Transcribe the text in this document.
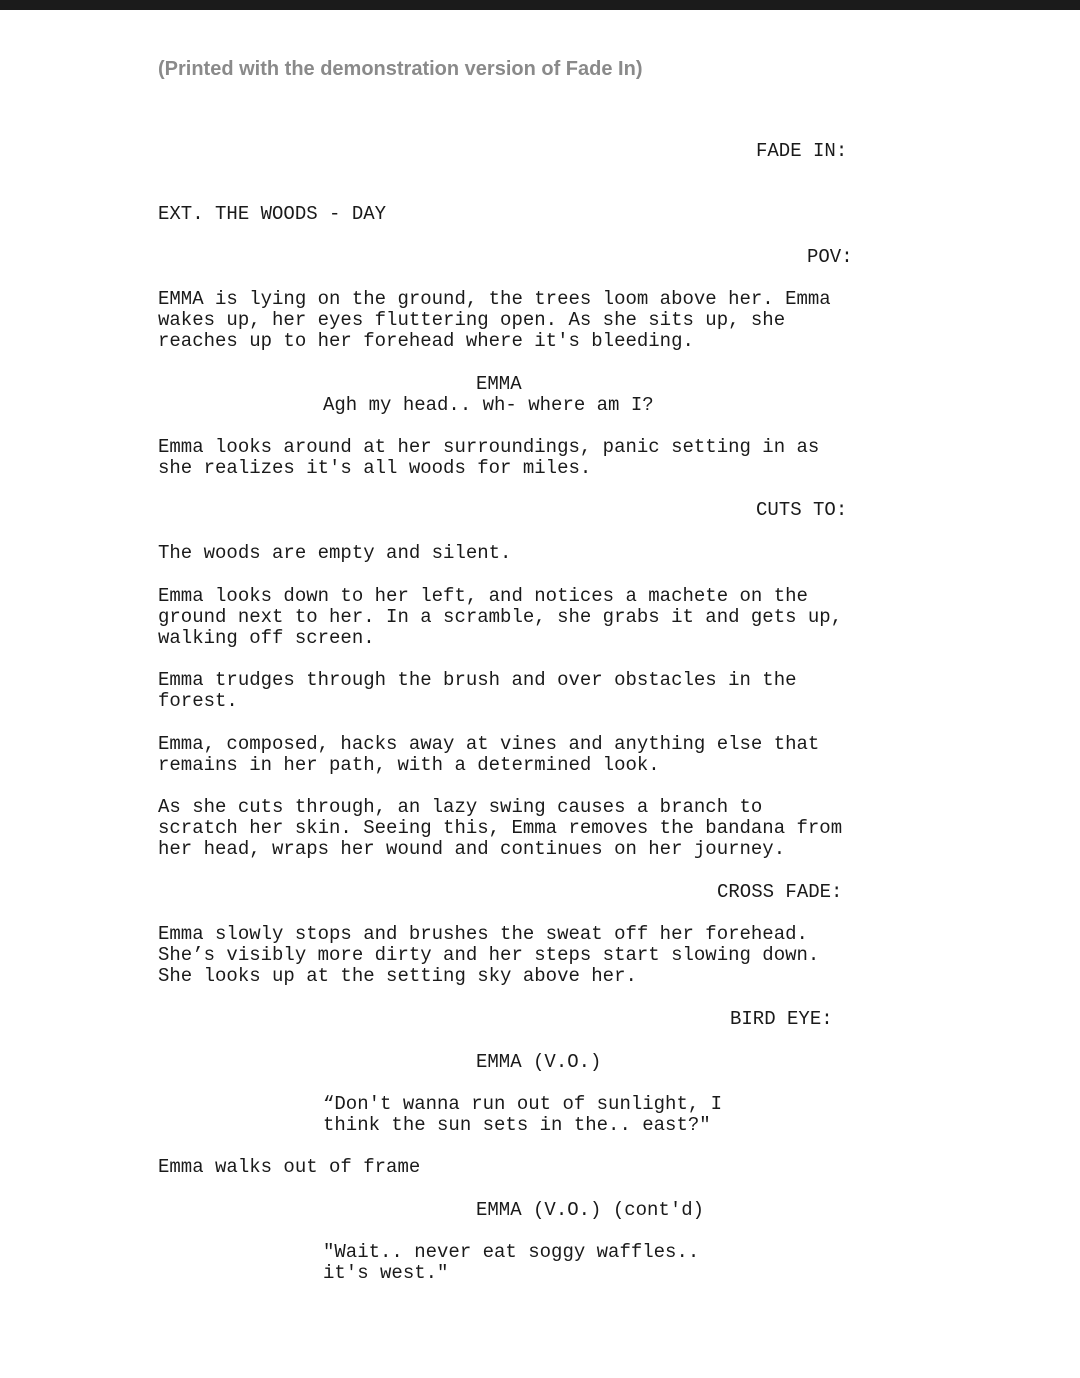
(Printed with the demonstration version of Fade In)
FADE IN:
EXT. THE WOODS - DAY
POV:
EMMA is lying on the ground, the trees loom above her. Emma
wakes up, her eyes fluttering open. As she sits up, she
reaches up to her forehead where it's bleeding.
EMMA
Agh my head.. wh- where am I?
Emma looks around at her surroundings, panic setting in as
she realizes it's all woods for miles.
CUTS TO:
The woods are empty and silent.
Emma looks down to her left, and notices a machete on the
ground next to her. In a scramble, she grabs it and gets up,
walking off screen.
Emma trudges through the brush and over obstacles in the
forest.
Emma, composed, hacks away at vines and anything else that
remains in her path, with a determined look.
As she cuts through, an lazy swing causes a branch to
scratch her skin. Seeing this, Emma removes the bandana from
her head, wraps her wound and continues on her journey.
CROSS FADE:
Emma slowly stops and brushes the sweat off her forehead.
She’s visibly more dirty and her steps start slowing down.
She looks up at the setting sky above her.
BIRD EYE:
EMMA (V.O.)
“Don't wanna run out of sunlight, I
think the sun sets in the.. east?"
Emma walks out of frame
EMMA (V.O.) (cont'd)
"Wait.. never eat soggy waffles..
it's west."
